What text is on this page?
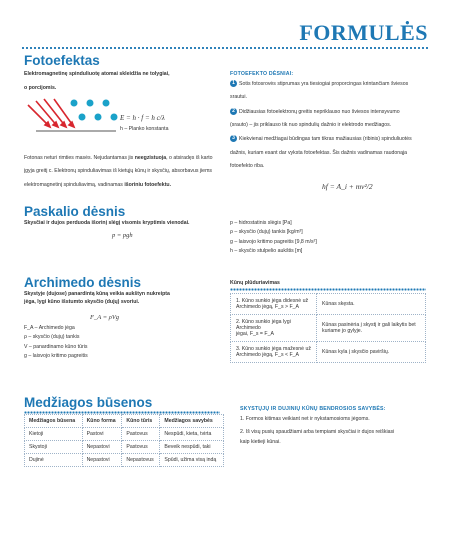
FORMULĖS
Fotoefektas
Elektromagnetinę spinduliuotę atomai skleidžia ne tolygiai,
o porcijomis.
E = h · f = h c/λ
h – Planko konstanta
Fotonas neturi rimties masės. Nejudantamas jis neegzistuoja, o atsiradęs iš karto
įgyja greitį c. Elektronų spinduliavimas iš kietųjų kūnų ir skysčių, absorbavus jiems
elektromagnetinį spinduliavimą, vadinamas išoriniu fotoefektu.
FOTOEFEKTO DĖSNIAI:
1 Sotis fotosrovės stiprumas yra tiesiogiai proporcingas krintančiam šviesos
srautui.
2 Didžiausias fotoelektronų greitis nepriklauso nuo šviesos intensyvumo
(srauto) – jis priklauso tik nuo spindulių dažnio ir elektrodo medžiagos.
3 Kiekvienai medžiagai būdingas tam tikras mažiausias (ribinis) spinduliuotės
dažnis, kuriam esant dar vyksta fotoefektas. Šis dažnis vadinamas raudonąja
fotoefekto riba.
hf = A_i + mv²/2
Paskalio dėsnis
Skysčiai ir dujos perduoda išorinį slėgį visomis kryptimis vienodai.
p = pgh
p – hidrostatinis slėgis [Pa]
ρ – skysčio (dujų) tankis [kg/m³]
g – laisvojo kritimo pagreitis [9,8 m/s²]
h – skysčio stulpelio aukštis [m]
Archimedo dėsnis
Skystyje (dujose) panardintą kūną veikia aukštyn nukreipta
jėga, lygi kūno išstumto skysčio (dujų) svoriui.
F_A = ρVg
F_A – Archimedo jėga
ρ – skysčio (dujų) tankis
V – panardinamo kūno tūris
g – laisvojo kritimo pagreitis
Kūnų plūduriavimas
1. Kūno sunkio jėga didesnė už
Archimedo jėgą, F_s > F_A	Kūnas skęsta.

2. Kūno sunkio jėga lygi Archimedo
jėgai, F_s = F_A	Kūnas pasinėria į skystį ir gali laikytis bet kuriame jo gylyje.

3. Kūno sunkio jėga mažesnė už
Archimedo jėgą, F_s < F_A	Kūnas kyla į skysčio paviršių.
Medžiagos būsenos
Medžiagos būsena	Kūno forma	Kūno tūris	Medžiagos savybės
Kietoji	Pastovi	Pastovus	Nespūdi, kieta, tvirta
Skystoji	Nepastovi	Pastovus	Beveik nespūdi, taki
Dujinė	Nepastovi	Nepastovus	Spūdi, užima visą indą
SKYSTŲJŲ IR DUJINIŲ KŪNŲ BENDROSIOS SAVYBĖS:
1. Formos kitimas veikiant net ir nykstamosioms jėgoms.
2. Iš visų pusių spaudžiami arba tempiami skysčiai ir dujos reiškiasi
kaip kietieji kūnai.
